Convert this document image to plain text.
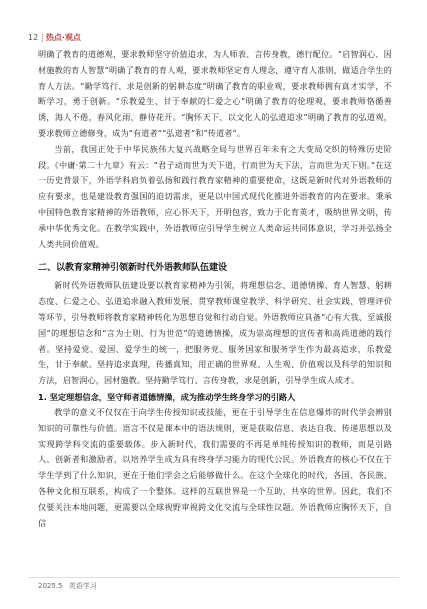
12 | 热点 · 观点

明确了教育的道德观，要求教师坚守价值追求，为人师表、言传身教，德行配位。“启智润心、因材施教的育人智慧”明确了教育的育人观，要求教师坚定育人理念，遵守育人准则，做适合学生的育人方法。“勤学笃行、求是创新的躬耕态度”明确了教育的职业观，要求教师拥有真才实学，不断学习，勇于创新。“乐教爱生、甘于奉献的仁爱之心”明确了教育的伦理观，要求教师恪循善诱，海人不倦，春风化雨，静待花开。“胸怀天下、以文化人的弘道追求”明确了教育的弘道观，要求教师立德修身，成为“有道者”“弘道者”和“传道者”。

当前，我国正处于中华民族伟大复兴战略全局与世界百年未有之大变局交织的特殊历史阶段。《中庸·第二十九章》有云：“君子动而世为天下道，行而世为天下法，言而世为天下则。”在这一历史背景下，外语学科肩负着弘扬和践行教育家精神的重要使命，这既是新时代对外语教师的应有要求，也是建设教育强国的迫切需求，更是以中国式现代化推进外语教育的内在要求。秉承中国特色教育家精神的外语教师，应心怀天下，开明包容，致力于化育英才，吸纳世界文明，传承中华优秀文化。在教学实践中，外语教师应引导学生树立人类命运共同体意识，学习并弘扬全人类共同价值观。

二、以教育家精神引领新时代外语教师队伍建设

新时代外语教师队伍建设要以教育家精神为引领，将理想信念、道德情操、育人智慧、躬耕态度、仁爱之心、弘道追求融入教师发展，贯穿教师课堂教学、科学研究、社会实践、管理评价等环节，引导教师将教育家精神转化为思想自觉和行动自觉。外语教师应具备“心有大我、至诚报国”的理想信念和“言为士则、行为世范”的道德情操，成为崇高理想的宣传者和高尚道德的践行者。坚持爱党、爱国、爱学生的统一，把服务党、服务国家和服务学生作为最高追求，乐教爱生，甘于奉献。坚持追求真理，传播真知，用正确的世界观、人生观、价值观以及科学的知识和方法，启智润心，因材施教。坚持勤学笃行、言传身教，求是创新，引导学生成人成才。

1. 坚定理想信念，坚守师者道德情操，成为推动学生终身学习的引路人

教学的意义不仅仅在于向学生传授知识或技能，更在于引导学生在信息爆炸的时代学会辨别知识的可靠性与价值。语言不仅是课本中的语法规则，更是获取信息、表达自我、传递思想以及实现跨学科交流的重要载体。步入新时代，我们需要的不再是单纯传授知识的教师，而是引路人、创新者和激励者，以培养学生成为具有终身学习能力的现代公民。外语教育的核心不仅在于学生学到了什么知识，更在于他们学会之后能够做什么。在这个全球化的时代，各国、各民族、各种文化相互联系，构成了一个整体。这样的互联世界是一个互助、共享的世界。因此，我们不仅要关注本地问题，更需要以全球视野审视跨文化交流与全球性议题。外语教师应胸怀天下，自信

2025.5 英语学习
